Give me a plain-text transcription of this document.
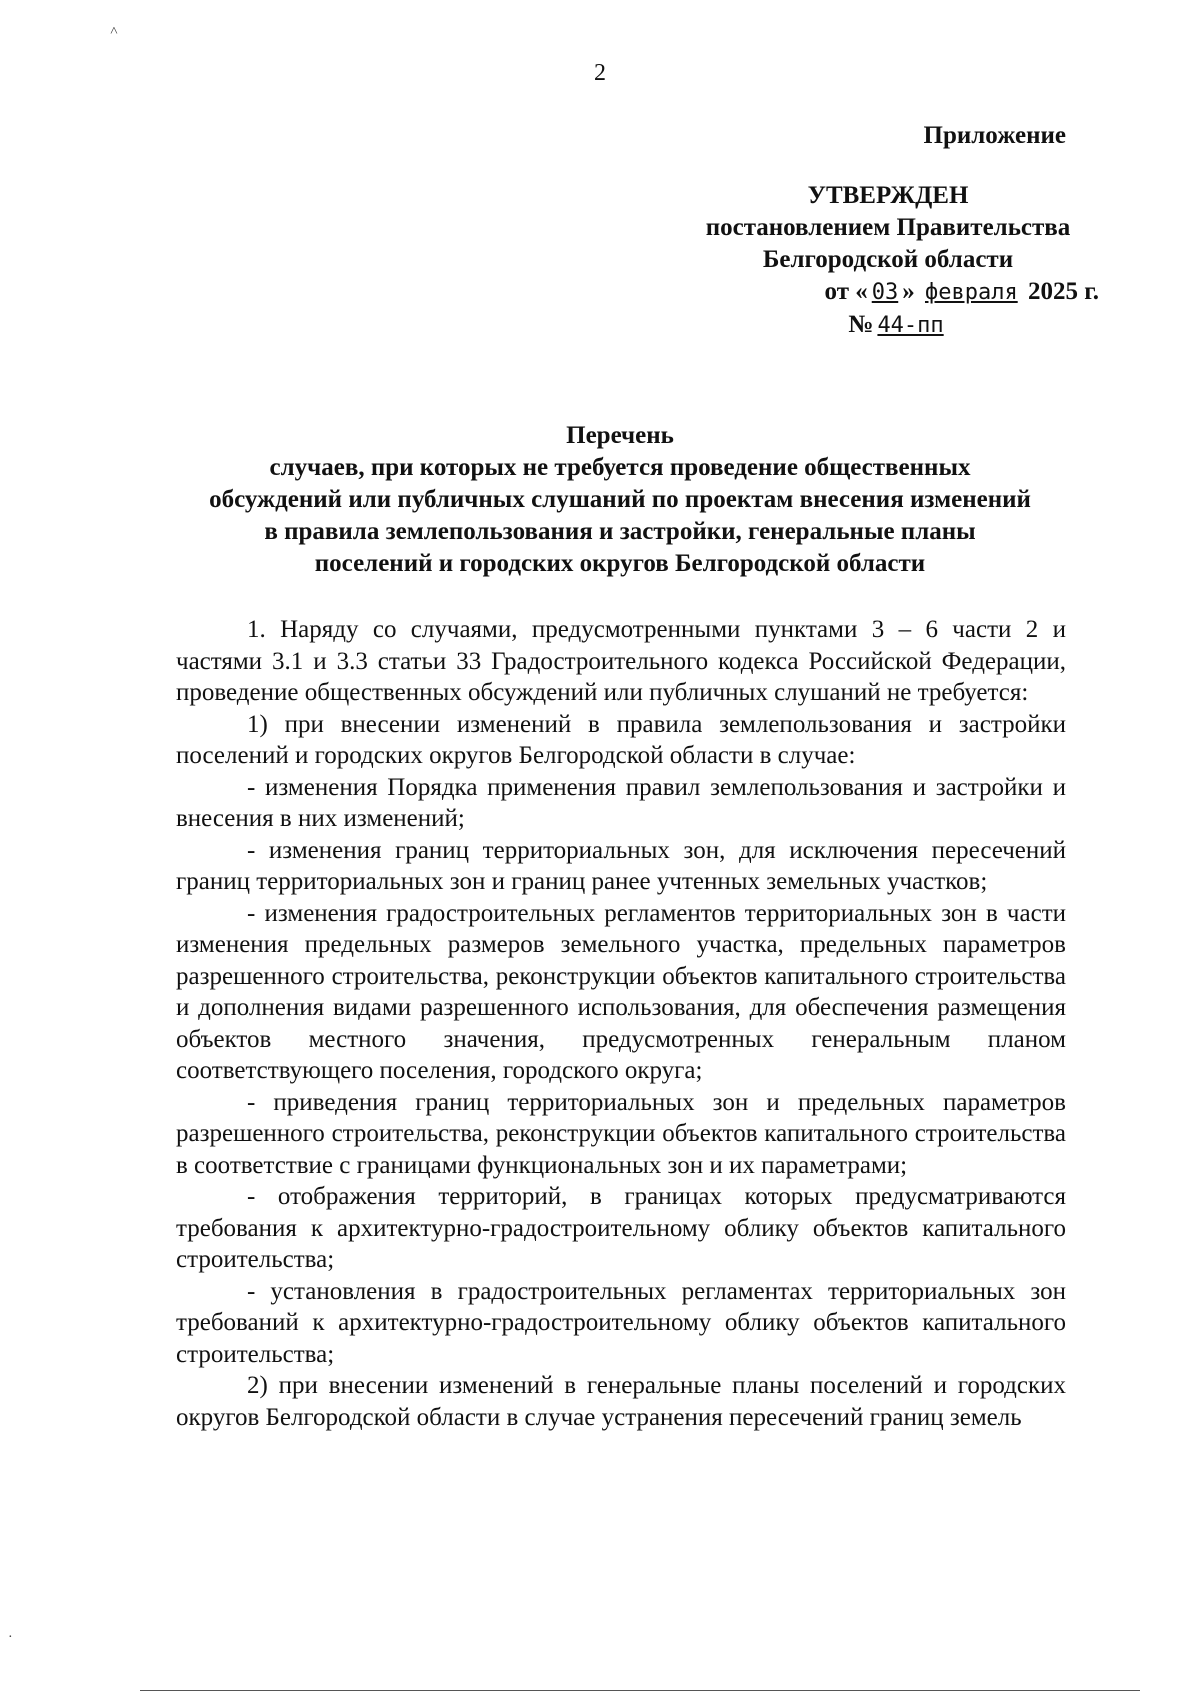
2
Приложение
УТВЕРЖДЕН
постановлением Правительства
Белгородской области
от « 03 » февраля 2025 г.
№ 44-пп
Перечень
случаев, при которых не требуется проведение общественных
обсуждений или публичных слушаний по проектам внесения изменений
в правила землепользования и застройки, генеральные планы
поселений и городских округов Белгородской области

1. Наряду со случаями, предусмотренными пунктами 3 – 6 части 2 и частями 3.1 и 3.3 статьи 33 Градостроительного кодекса Российской Федерации, проведение общественных обсуждений или публичных слушаний не требуется:

1) при внесении изменений в правила землепользования и застройки поселений и городских округов Белгородской области в случае:

- изменения Порядка применения правил землепользования и застройки и внесения в них изменений;

- изменения границ территориальных зон, для исключения пересечений границ территориальных зон и границ ранее учтенных земельных участков;

- изменения градостроительных регламентов территориальных зон в части изменения предельных размеров земельного участка, предельных параметров разрешенного строительства, реконструкции объектов капитального строительства и дополнения видами разрешенного использования, для обеспечения размещения объектов местного значения, предусмотренных генеральным планом соответствующего поселения, городского округа;

- приведения границ территориальных зон и предельных параметров разрешенного строительства, реконструкции объектов капитального строительства в соответствие с границами функциональных зон и их параметрами;

- отображения территорий, в границах которых предусматриваются требования к архитектурно-градостроительному облику объектов капитального строительства;

- установления в градостроительных регламентах территориальных зон требований к архитектурно-градостроительному облику объектов капитального строительства;

2) при внесении изменений в генеральные планы поселений и городских округов Белгородской области в случае устранения пересечений границ земель

˄
·
